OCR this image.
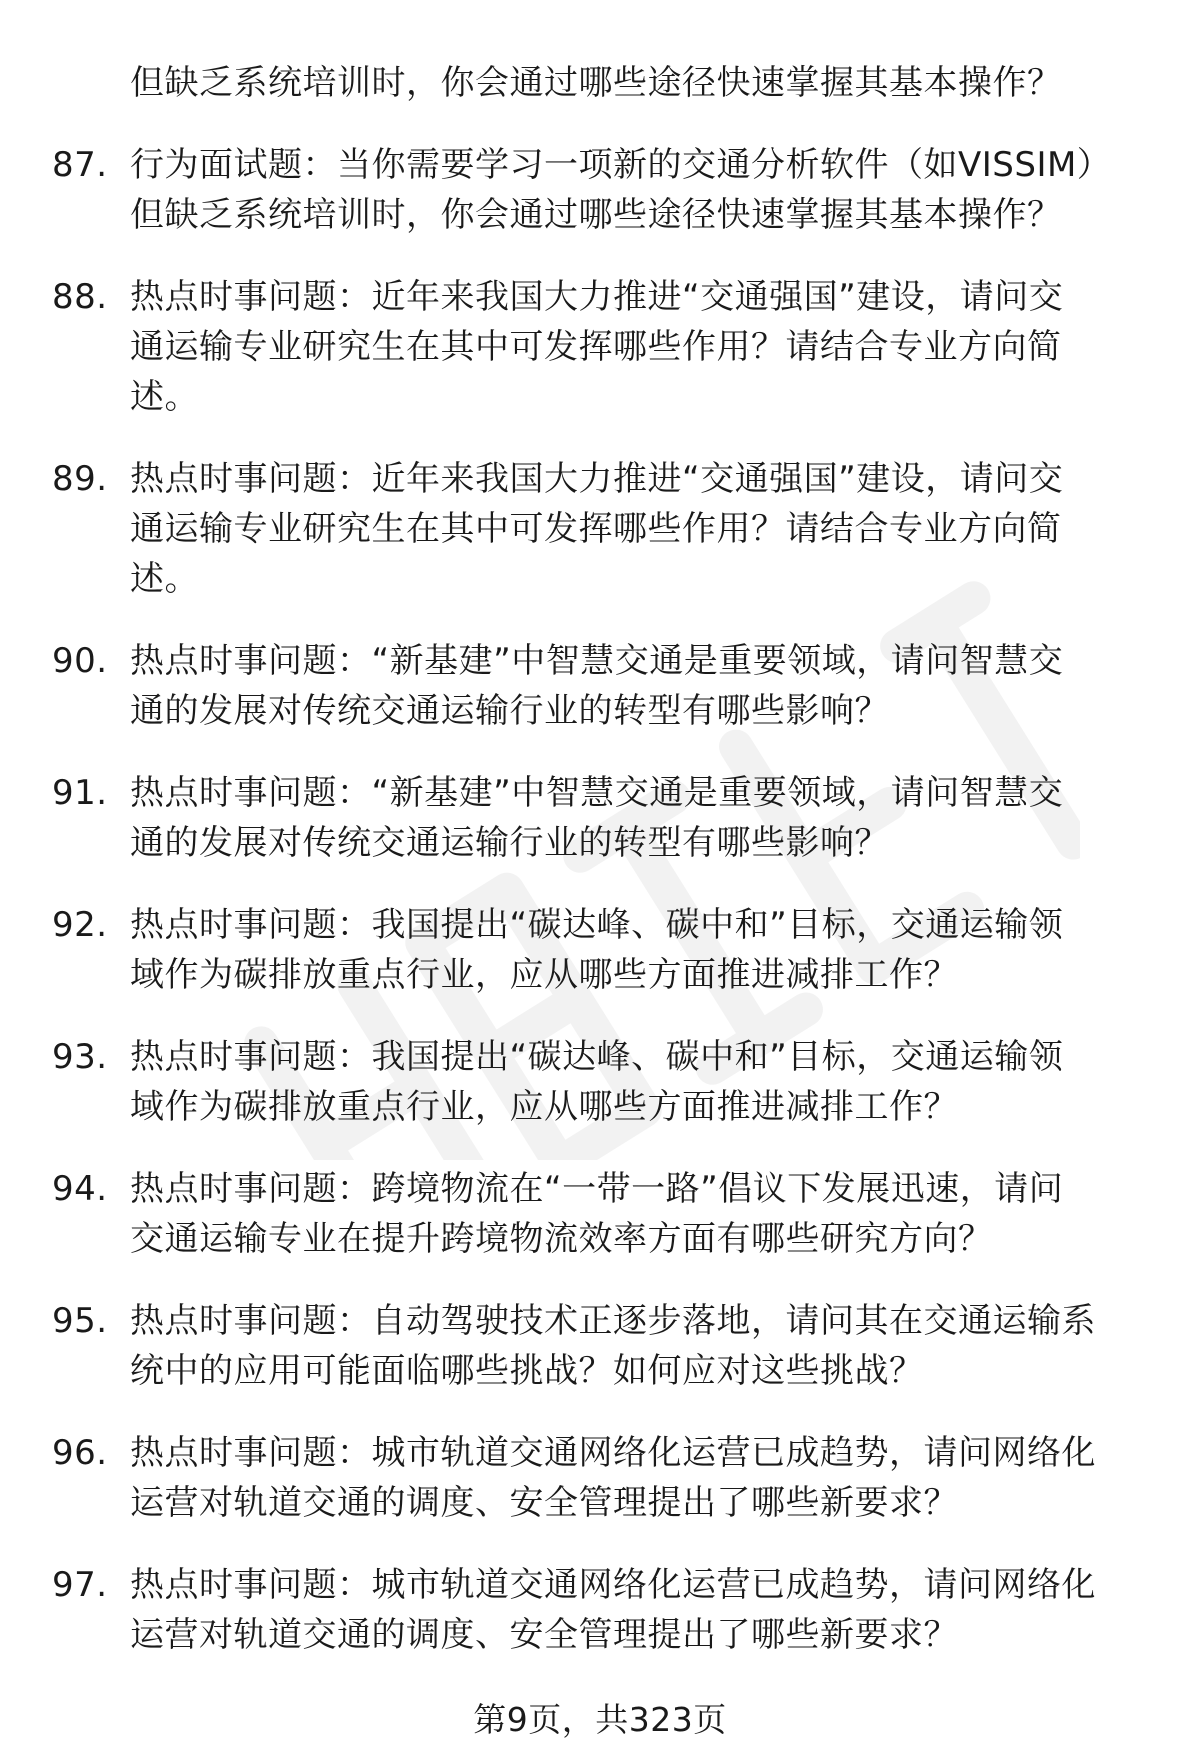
但缺乏系统培训时，你会通过哪些途径快速掌握其基本操作？
87. 行为面试题：当你需要学习一项新的交通分析软件（如VISSIM）
但缺乏系统培训时，你会通过哪些途径快速掌握其基本操作？
88. 热点时事问题：近年来我国大力推进“交通强国”建设，请问交
通运输专业研究生在其中可发挥哪些作用？请结合专业方向简
述。
89. 热点时事问题：近年来我国大力推进“交通强国”建设，请问交
通运输专业研究生在其中可发挥哪些作用？请结合专业方向简
述。
90. 热点时事问题：“新基建”中智慧交通是重要领域，请问智慧交
通的发展对传统交通运输行业的转型有哪些影响？
91. 热点时事问题：“新基建”中智慧交通是重要领域，请问智慧交
通的发展对传统交通运输行业的转型有哪些影响？
92. 热点时事问题：我国提出“碳达峰、碳中和”目标，交通运输领
域作为碳排放重点行业，应从哪些方面推进减排工作？
93. 热点时事问题：我国提出“碳达峰、碳中和”目标，交通运输领
域作为碳排放重点行业，应从哪些方面推进减排工作？
94. 热点时事问题：跨境物流在“一带一路”倡议下发展迅速，请问
交通运输专业在提升跨境物流效率方面有哪些研究方向？
95. 热点时事问题：自动驾驶技术正逐步落地，请问其在交通运输系
统中的应用可能面临哪些挑战？如何应对这些挑战？
96. 热点时事问题：城市轨道交通网络化运营已成趋势，请问网络化
运营对轨道交通的调度、安全管理提出了哪些新要求？
97. 热点时事问题：城市轨道交通网络化运营已成趋势，请问网络化
运营对轨道交通的调度、安全管理提出了哪些新要求？
第9页，共323页
